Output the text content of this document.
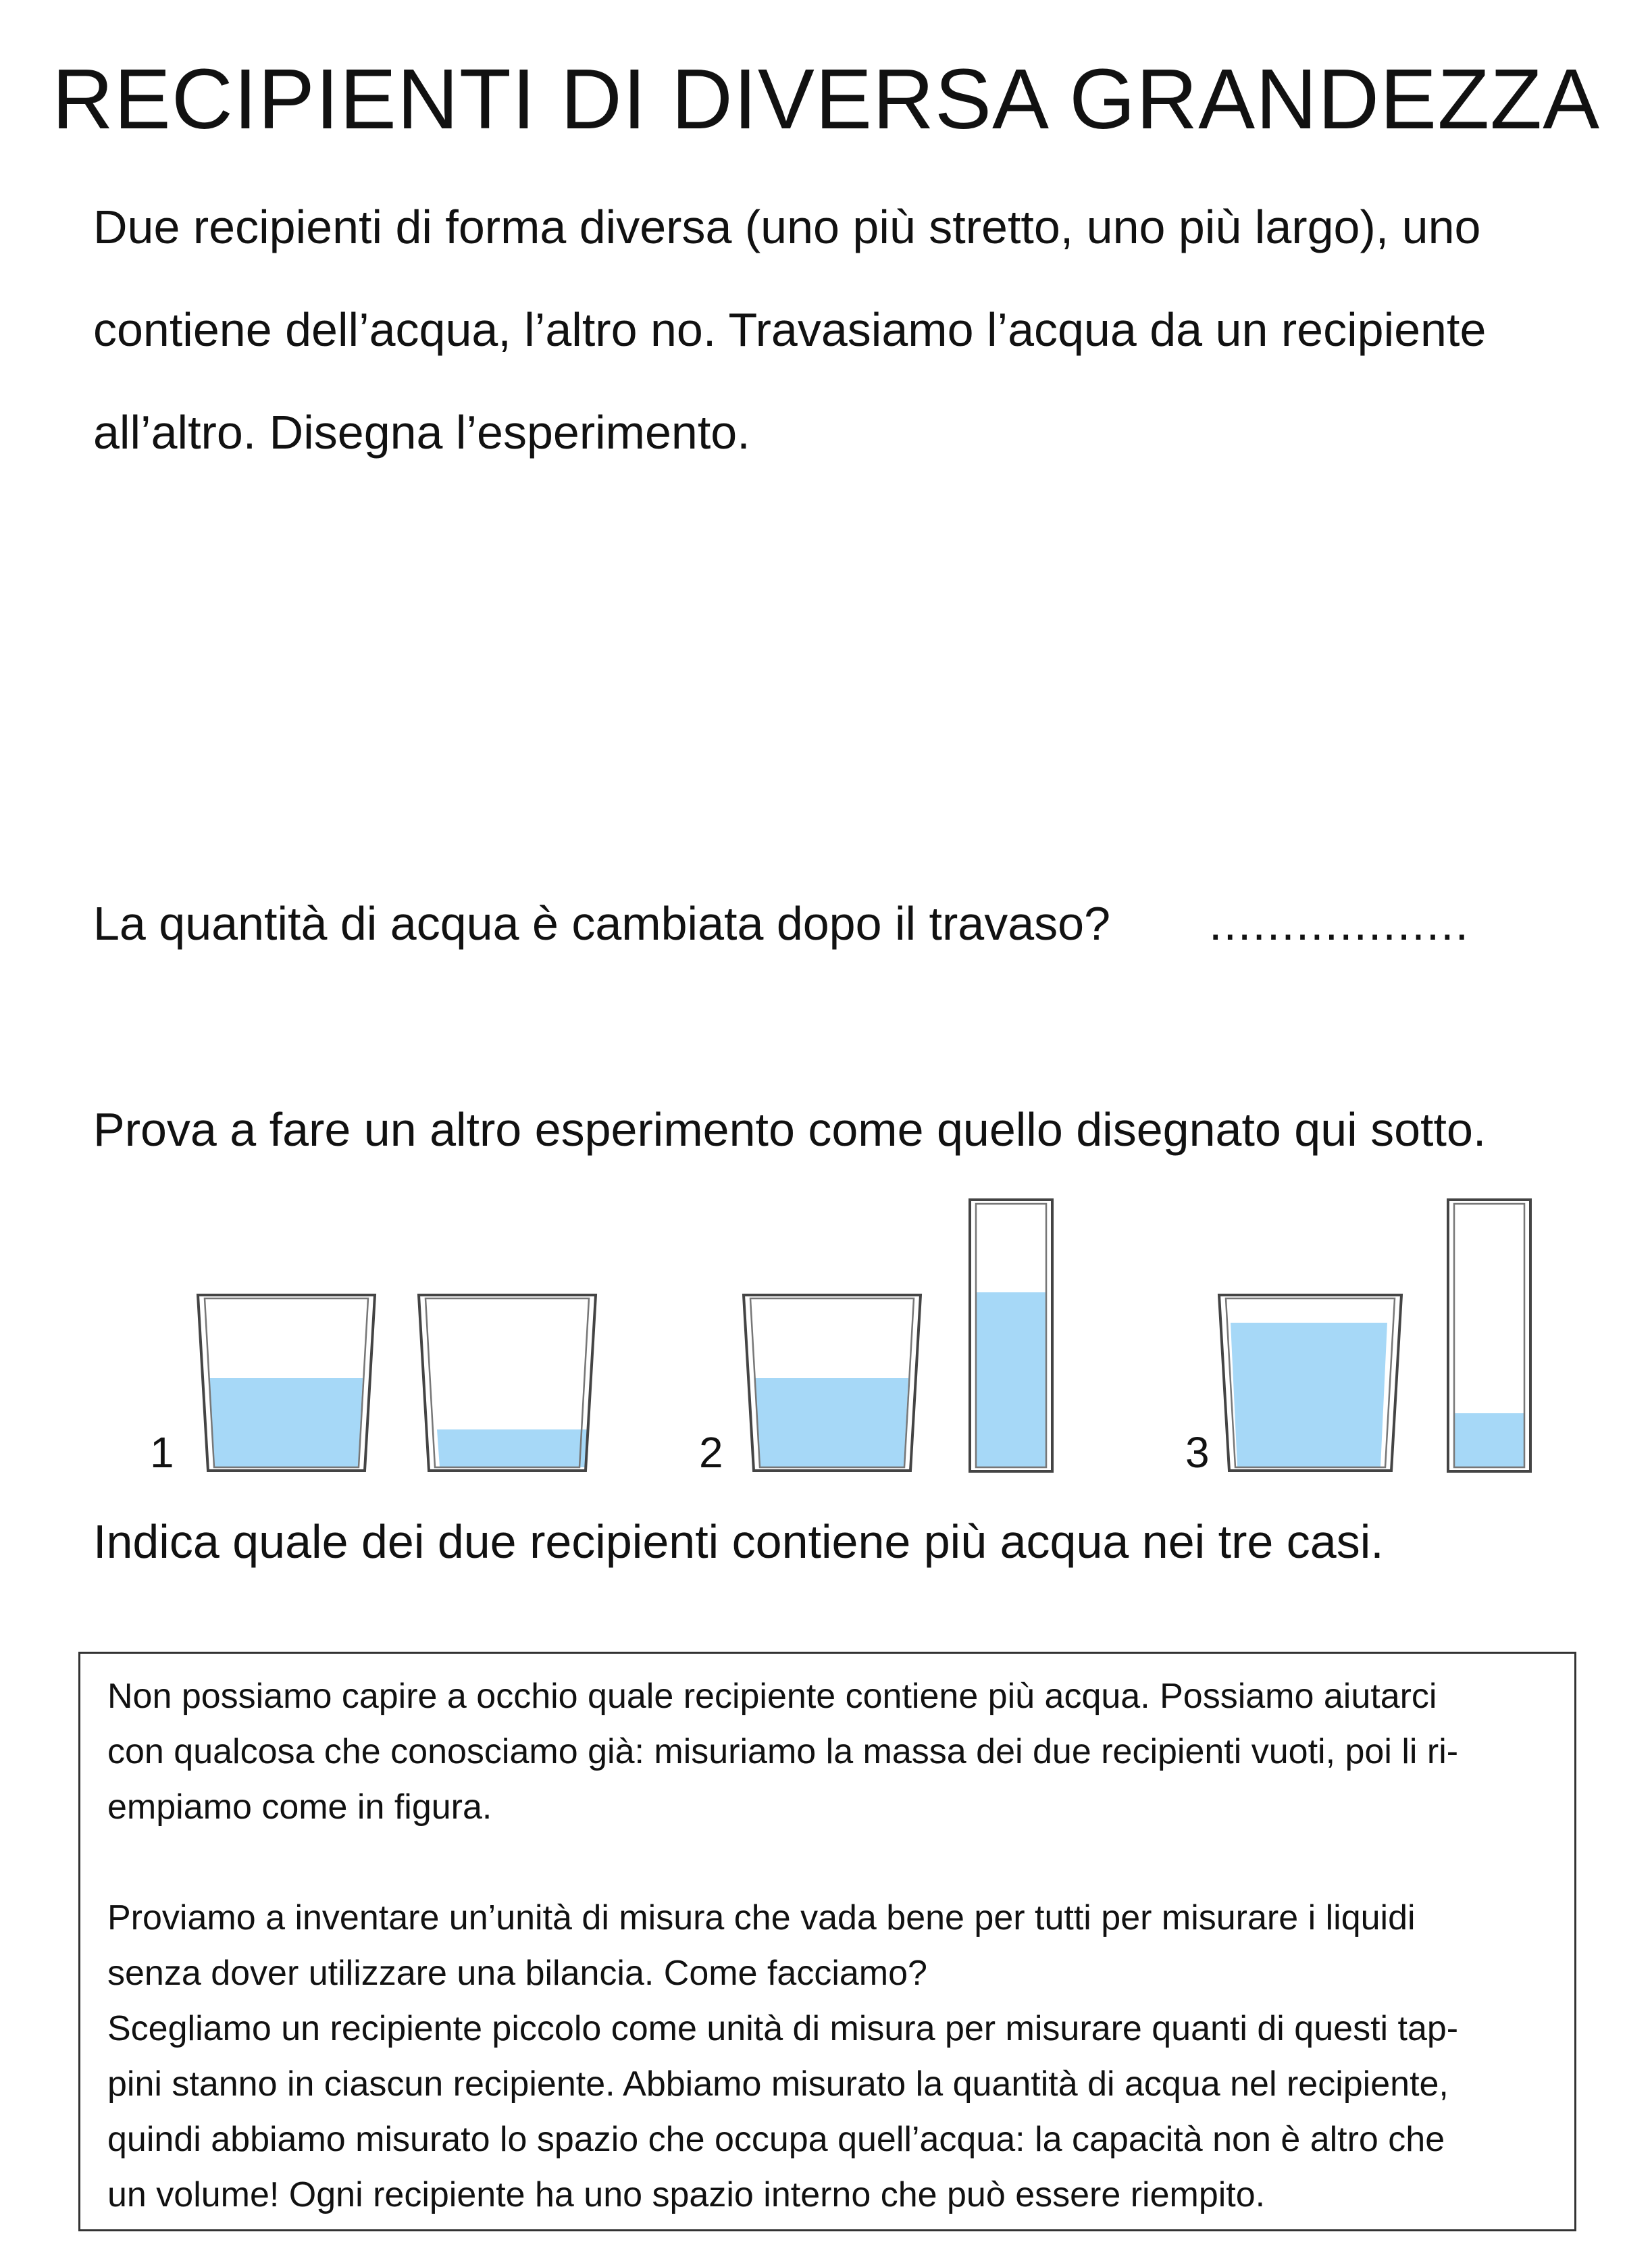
RECIPIENTI DI DIVERSA GRANDEZZA
Due recipienti di forma diversa (uno più stretto, uno più largo), uno
contiene dell’acqua, l’altro no. Travasiamo l’acqua da un recipiente
all’altro. Disegna l’esperimento.

La quantità di acqua è cambiata dopo il travaso? ..................

Prova a fare un altro esperimento come quello disegnato qui sotto.

1	2	3

Indica quale dei due recipienti contiene più acqua nei tre casi.

Non possiamo capire a occhio quale recipiente contiene più acqua. Possiamo aiutarci

con qualcosa che conosciamo già: misuriamo la massa dei due recipienti vuoti, poi li ri-

empiamo come in figura.

Proviamo a inventare un’unità di misura che vada bene per tutti per misurare i liquidi

senza dover utilizzare una bilancia. Come facciamo?

Scegliamo un recipiente piccolo come unità di misura per misurare quanti di questi tap-

pini stanno in ciascun recipiente. Abbiamo misurato la quantità di acqua nel recipiente,

quindi abbiamo misurato lo spazio che occupa quell’acqua: la capacità non è altro che

un volume! Ogni recipiente ha uno spazio interno che può essere riempito.
